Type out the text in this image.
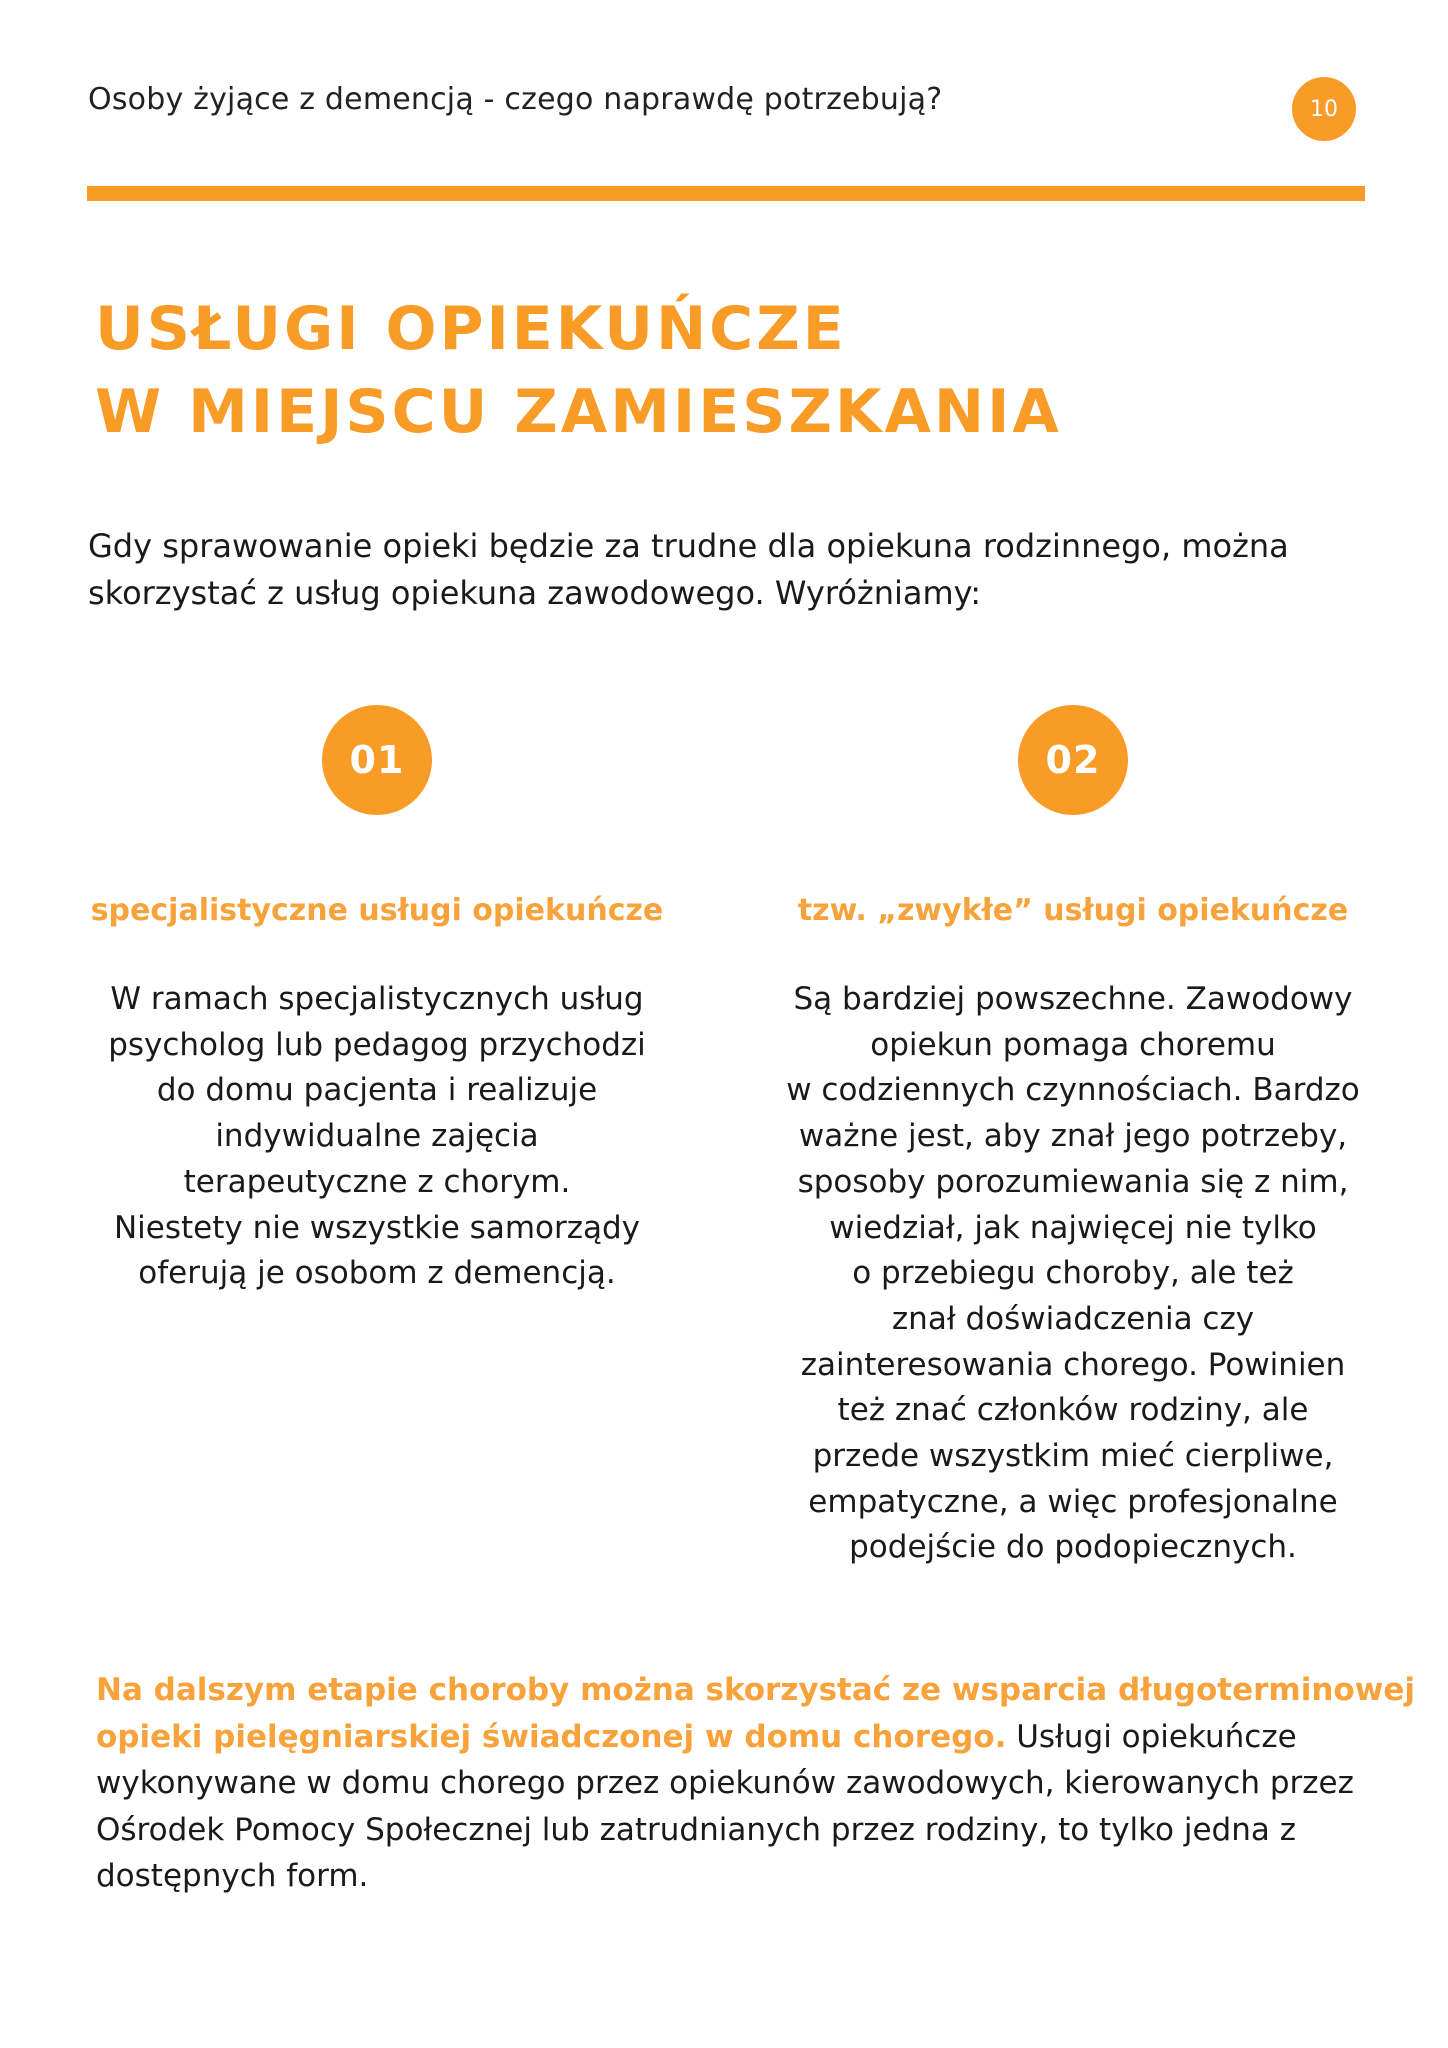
Osoby żyjące z demencją - czego naprawdę potrzebują?	10
USŁUGI OPIEKUŃCZE
W MIEJSCU ZAMIESZKANIA

Gdy sprawowanie opieki będzie za trudne dla opiekuna rodzinnego, można
skorzystać z usług opiekuna zawodowego. Wyróżniamy:

01
specjalistyczne usługi opiekuńcze
W ramach specjalistycznych usług
psycholog lub pedagog przychodzi
do domu pacjenta i realizuje
indywidualne zajęcia
terapeutyczne z chorym.
Niestety nie wszystkie samorządy
oferują je osobom z demencją.
02
tzw. „zwykłe” usługi opiekuńcze
Są bardziej powszechne. Zawodowy
opiekun pomaga choremu
w codziennych czynnościach. Bardzo
ważne jest, aby znał jego potrzeby,
sposoby porozumiewania się z nim,
wiedział, jak najwięcej nie tylko
o przebiegu choroby, ale też
znał doświadczenia czy
zainteresowania chorego. Powinien
też znać członków rodziny, ale
przede wszystkim mieć cierpliwe,
empatyczne, a więc profesjonalne
podejście do podopiecznych.

Na dalszym etapie choroby można skorzystać ze wsparcia długoterminowej
opieki pielęgniarskiej świadczonej w domu chorego. Usługi opiekuńcze
wykonywane w domu chorego przez opiekunów zawodowych, kierowanych przez
Ośrodek Pomocy Społecznej lub zatrudnianych przez rodziny, to tylko jedna z
dostępnych form.
